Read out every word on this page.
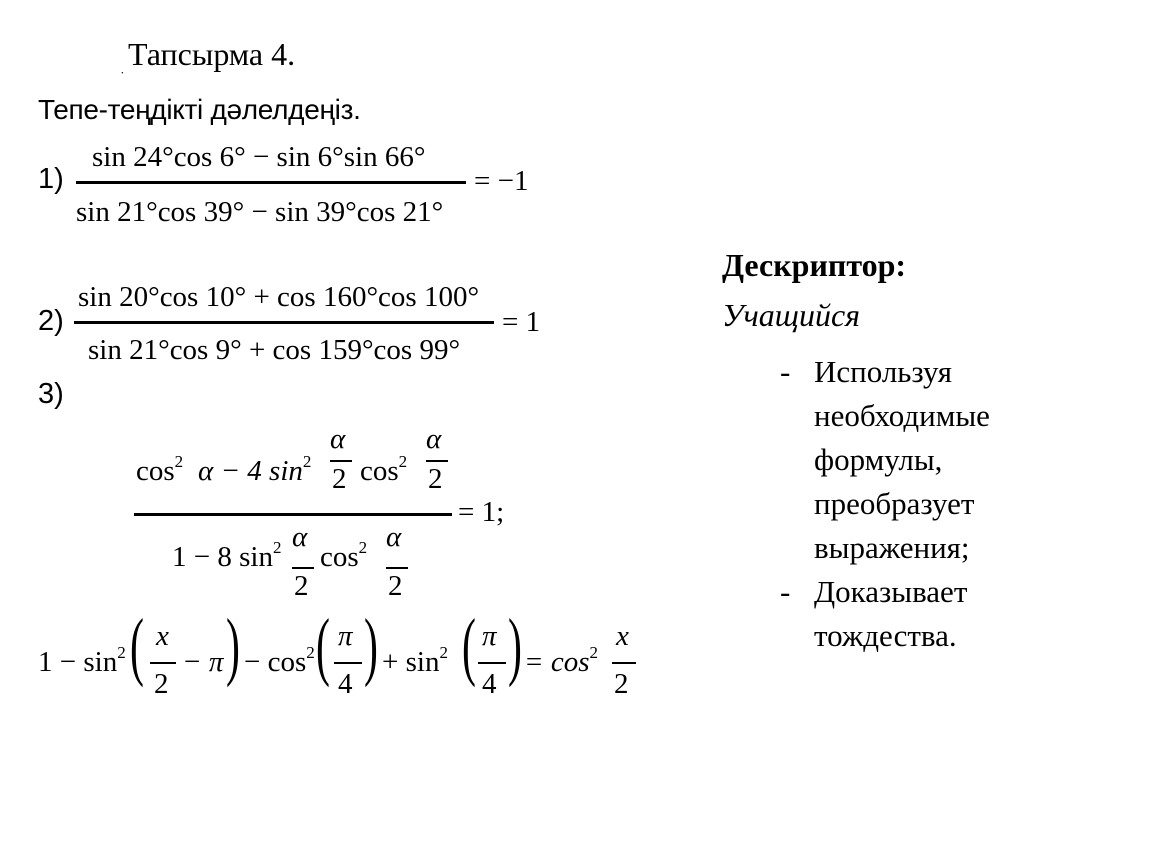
Тапсырма 4.
˙
Тепе-теңдікті дәлелдеңіз.
1)
sin 24°cos 6° − sin 6°sin 66°
sin 21°cos 39° − sin 39°cos 21°
= −1
2)
sin 20°cos 10° + cos 160°cos 100°
sin 21°cos 9° + cos 159°cos 99°
= 1
3)
$\cos^2 \alpha - 4$ $\sin^2$
α
2 $\cos^2$
α
2
= 1;
1 − 8 $\sin^2 \alpha$
2
$\cos^2 \alpha$
2
$1 - \sin^2$ ( x
2
− π ) − $\cos^2$ ( π
4 ) + $\sin^2$ ( π
4 ) = $\cos^2$
x
2
Дескриптор:
Учащийся
- Используя необходимые формулы, преобразует выражения;
- Доказывает тождества.
